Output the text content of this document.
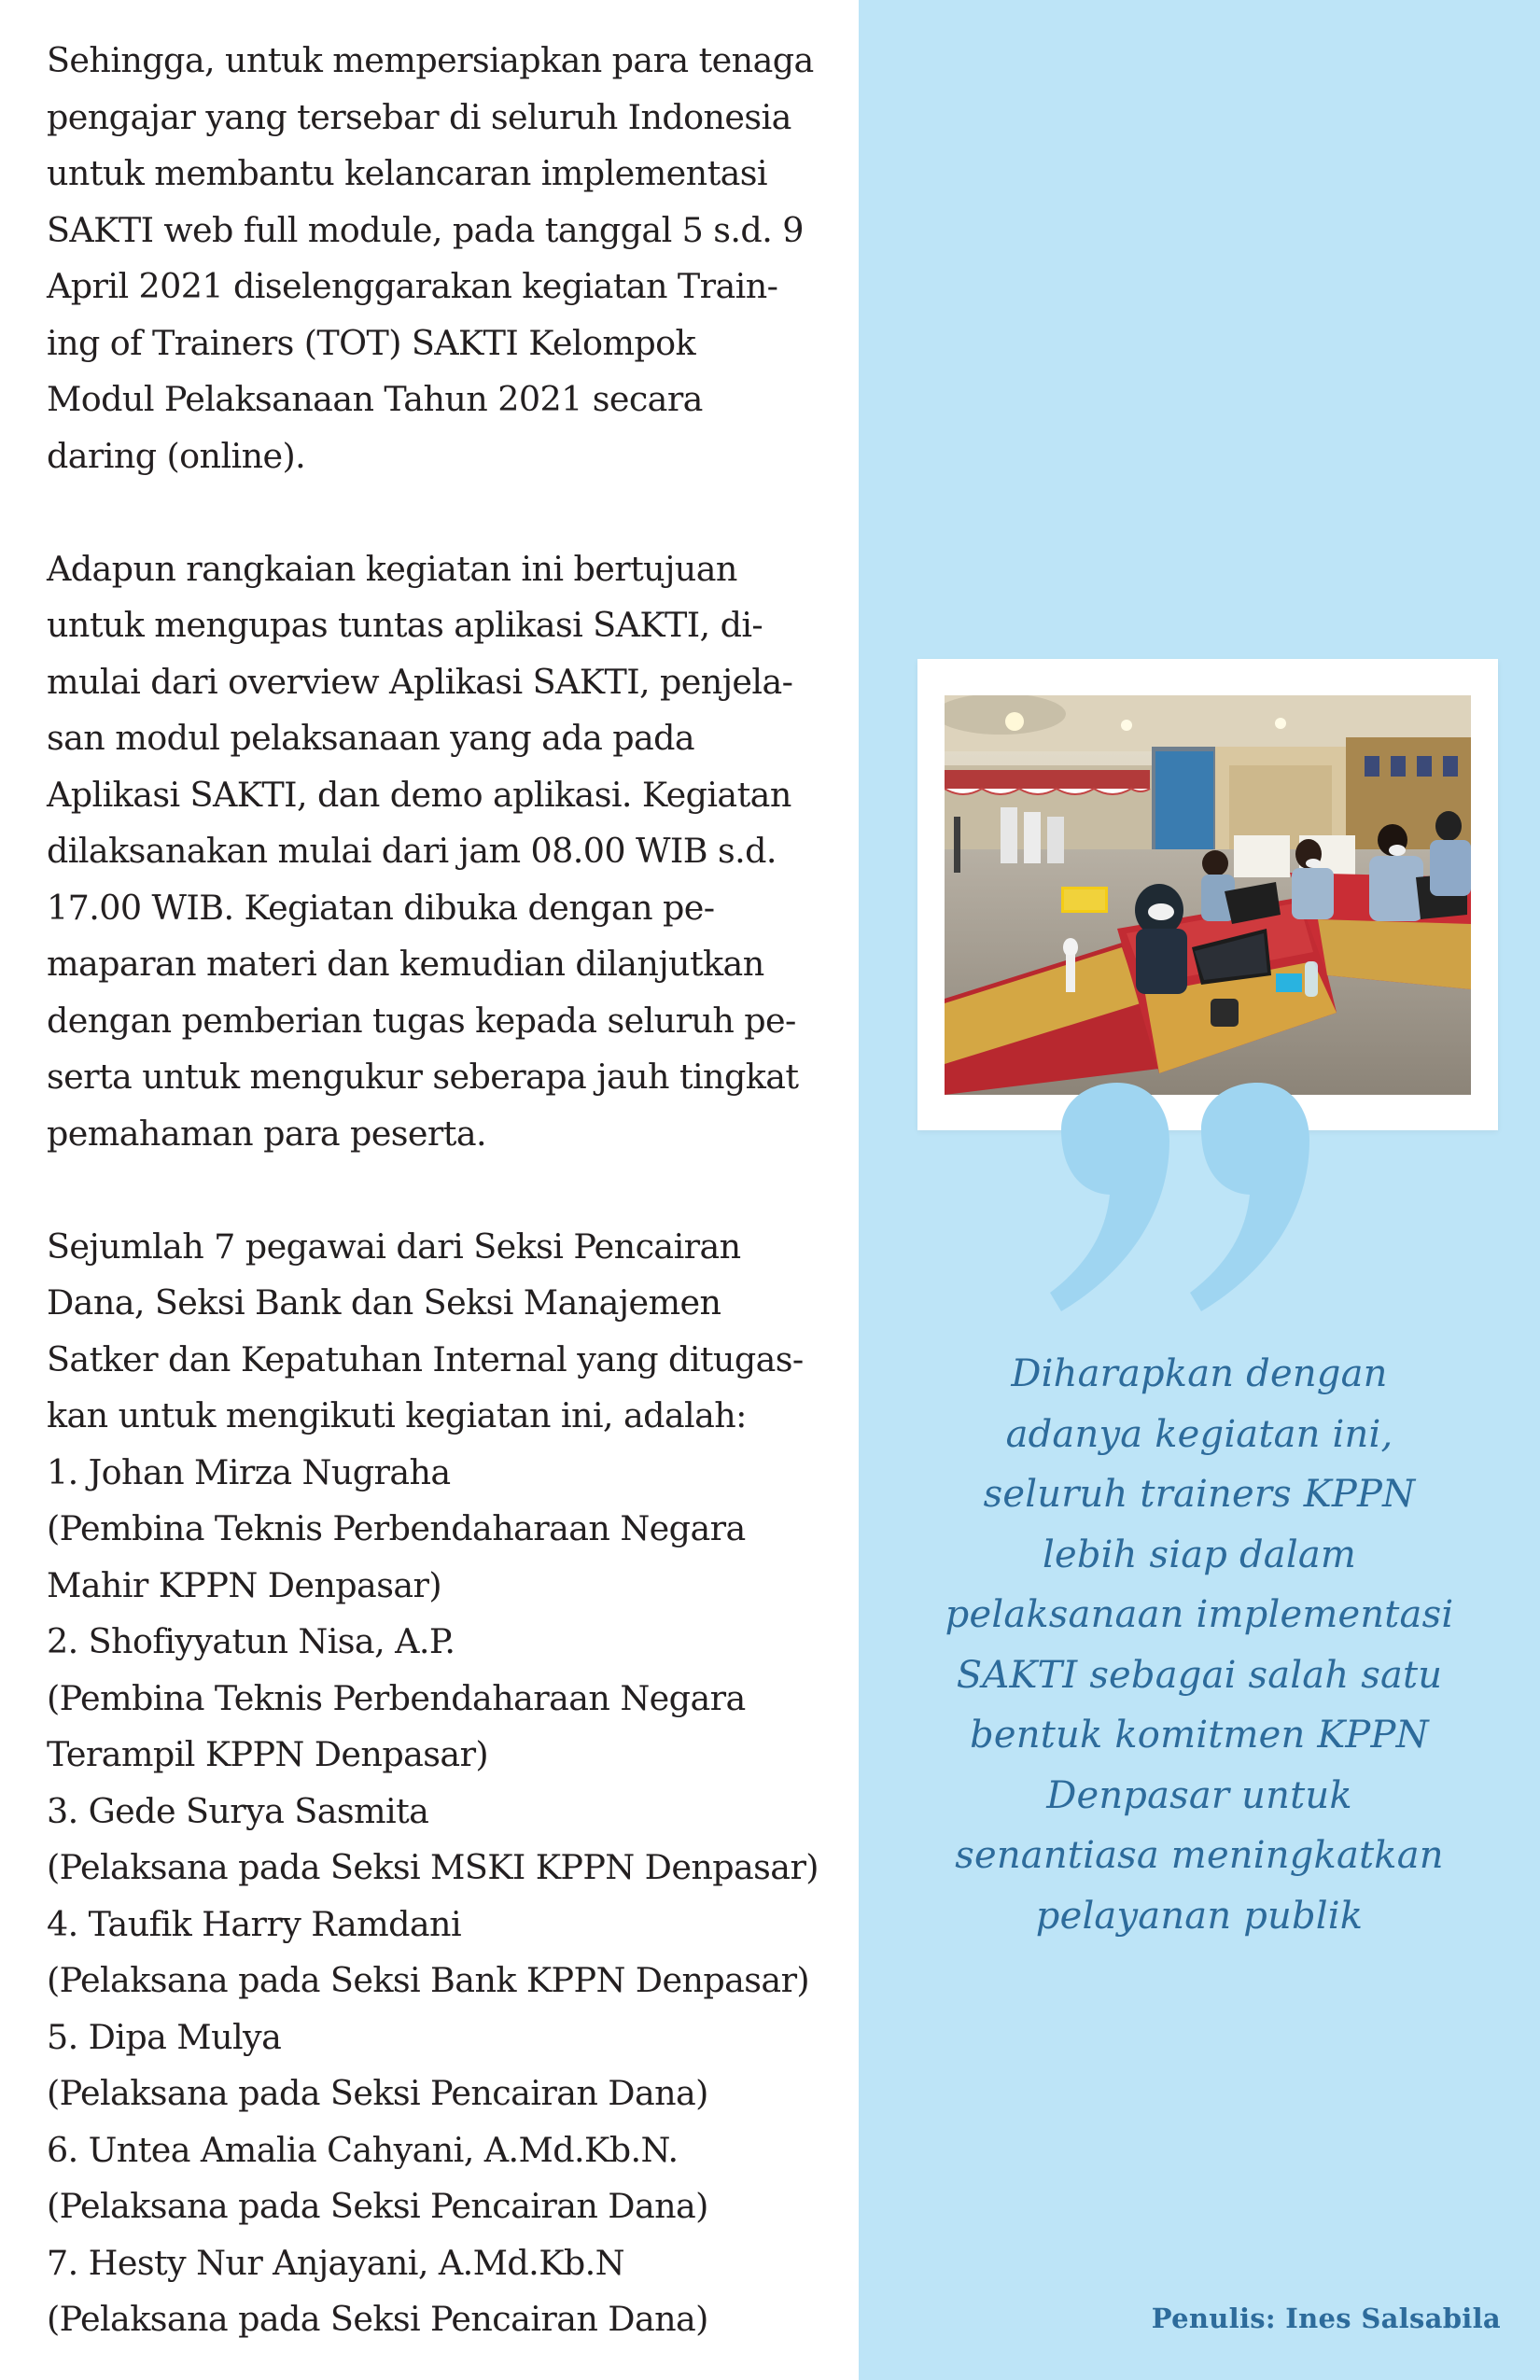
Sehingga, untuk mempersiapkan para tenaga
pengajar yang tersebar di seluruh Indonesia
untuk membantu kelancaran implementasi
SAKTI web full module, pada tanggal 5 s.d. 9
April 2021 diselenggarakan kegiatan Train-
ing of Trainers (TOT) SAKTI Kelompok
Modul Pelaksanaan Tahun 2021 secara
daring (online).

Adapun rangkaian kegiatan ini bertujuan
untuk mengupas tuntas aplikasi SAKTI, di-
mulai dari overview Aplikasi SAKTI, penjela-
san modul pelaksanaan yang ada pada
Aplikasi SAKTI, dan demo aplikasi. Kegiatan
dilaksanakan mulai dari jam 08.00 WIB s.d.
17.00 WIB. Kegiatan dibuka dengan pe-
maparan materi dan kemudian dilanjutkan
dengan pemberian tugas kepada seluruh pe-
serta untuk mengukur seberapa jauh tingkat
pemahaman para peserta.

Sejumlah 7 pegawai dari Seksi Pencairan
Dana, Seksi Bank dan Seksi Manajemen
Satker dan Kepatuhan Internal yang ditugas-
kan untuk mengikuti kegiatan ini, adalah:
1. Johan Mirza Nugraha
(Pembina Teknis Perbendaharaan Negara
Mahir KPPN Denpasar)
2. Shofiyyatun Nisa, A.P.
(Pembina Teknis Perbendaharaan Negara
Terampil KPPN Denpasar)
3. Gede Surya Sasmita
(Pelaksana pada Seksi MSKI KPPN Denpasar)
4. Taufik Harry Ramdani
(Pelaksana pada Seksi Bank KPPN Denpasar)
5. Dipa Mulya
(Pelaksana pada Seksi Pencairan Dana)
6. Untea Amalia Cahyani, A.Md.Kb.N.
(Pelaksana pada Seksi Pencairan Dana)
7. Hesty Nur Anjayani, A.Md.Kb.N
(Pelaksana pada Seksi Pencairan Dana)

Diharapkan dengan
adanya kegiatan ini,
seluruh trainers KPPN
lebih siap dalam
pelaksanaan implementasi
SAKTI sebagai salah satu
bentuk komitmen KPPN
Denpasar untuk
senantiasa meningkatkan
pelayanan publik
Penulis: Ines Salsabila
